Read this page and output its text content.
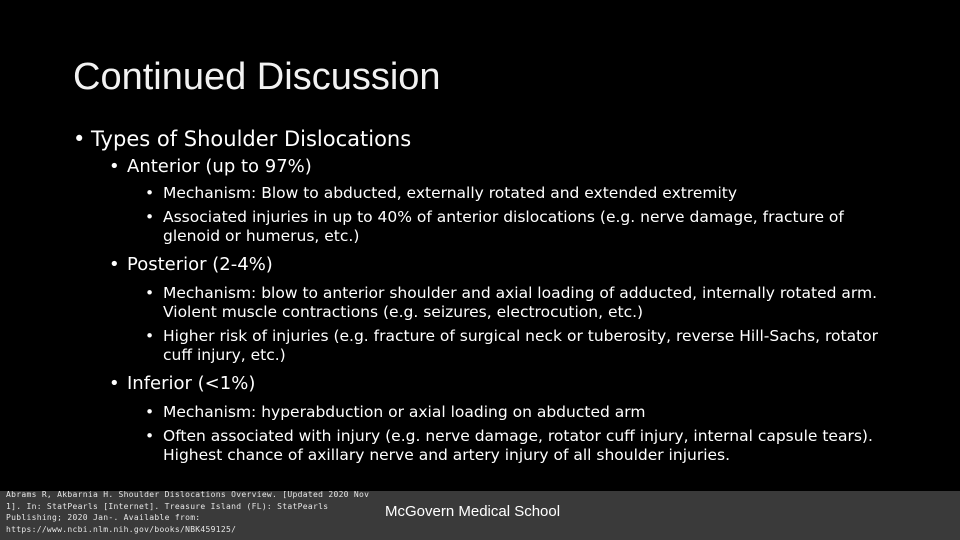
Continued Discussion
• Types of Shoulder Dislocations
• Anterior (up to 97%)
• Mechanism: Blow to abducted, externally rotated and extended extremity
• Associated injuries in up to 40% of anterior dislocations (e.g. nerve damage, fracture of glenoid or humerus, etc.)
• Posterior (2-4%)
• Mechanism: blow to anterior shoulder and axial loading of adducted, internally rotated arm. Violent muscle contractions (e.g. seizures, electrocution, etc.)
• Higher risk of injuries (e.g. fracture of surgical neck or tuberosity, reverse Hill-Sachs, rotator cuff injury, etc.)
• Inferior (<1%)
• Mechanism: hyperabduction or axial loading on abducted arm
• Often associated with injury (e.g. nerve damage, rotator cuff injury, internal capsule tears). Highest chance of axillary nerve and artery injury of all shoulder injuries.
Abrams R, Akbarnia H. Shoulder Dislocations Overview. [Updated 2020 Nov 1]. In: StatPearls [Internet]. Treasure Island (FL): StatPearls Publishing; 2020 Jan-. Available from: https://www.ncbi.nlm.nih.gov/books/NBK459125/
McGovern Medical School
